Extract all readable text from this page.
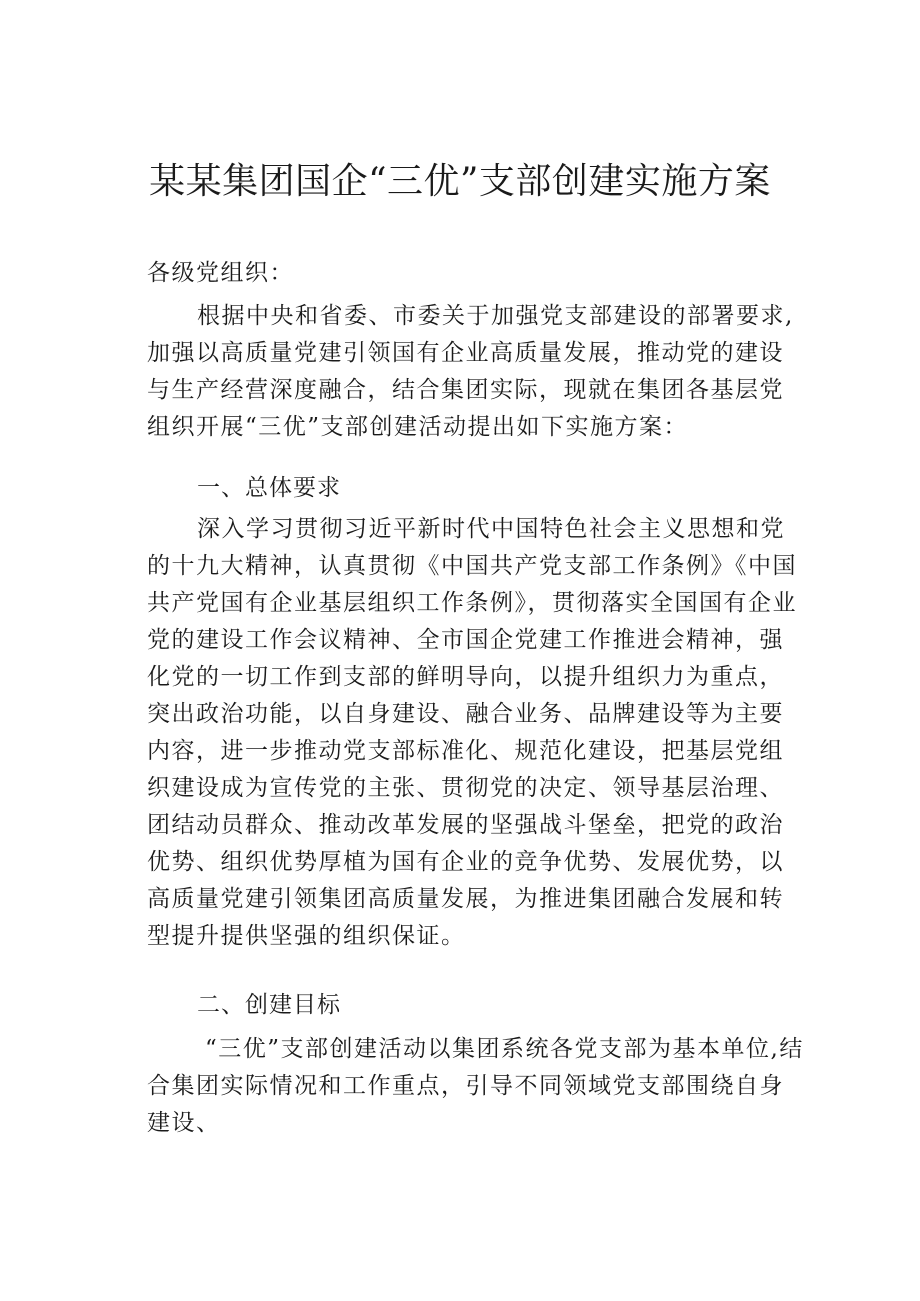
某某集团国企“三优”支部创建实施方案
各级党组织：
根据中央和省委、市委关于加强党支部建设的部署要求,加强以高质量党建引领国有企业高质量发展，推动党的建设与生产经营深度融合，结合集团实际，现就在集团各基层党组织开展“三优”支部创建活动提出如下实施方案：
一、总体要求
深入学习贯彻习近平新时代中国特色社会主义思想和党的十九大精神，认真贯彻《中国共产党支部工作条例》《中国共产党国有企业基层组织工作条例》，贯彻落实全国国有企业党的建设工作会议精神、全市国企党建工作推进会精神，强化党的一切工作到支部的鲜明导向，以提升组织力为重点，突出政治功能，以自身建设、融合业务、品牌建设等为主要内容，进一步推动党支部标准化、规范化建设，把基层党组织建设成为宣传党的主张、贯彻党的决定、领导基层治理、团结动员群众、推动改革发展的坚强战斗堡垒，把党的政治优势、组织优势厚植为国有企业的竞争优势、发展优势，以高质量党建引领集团高质量发展，为推进集团融合发展和转型提升提供坚强的组织保证。
二、创建目标
“三优”支部创建活动以集团系统各党支部为基本单位,结合集团实际情况和工作重点，引导不同领域党支部围绕自身建设、
